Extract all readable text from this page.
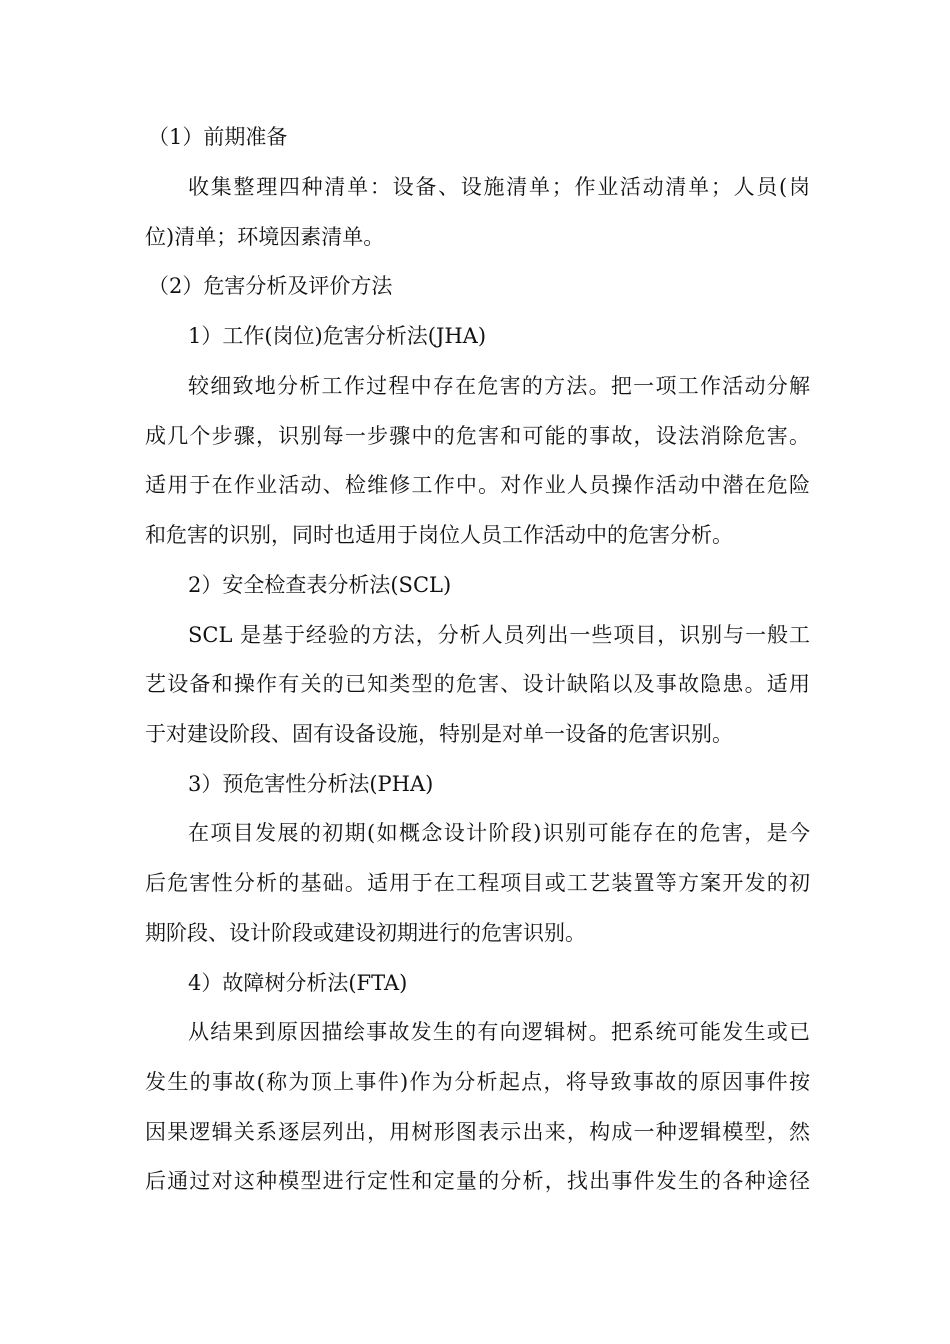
（1）前期准备
收集整理四种清单：设备、设施清单；作业活动清单；人员(岗
位)清单；环境因素清单。
（2）危害分析及评价方法
1）工作(岗位)危害分析法(JHA)
较细致地分析工作过程中存在危害的方法。把一项工作活动分解
成几个步骤，识别每一步骤中的危害和可能的事故，设法消除危害。
适用于在作业活动、检维修工作中。对作业人员操作活动中潜在危险
和危害的识别，同时也适用于岗位人员工作活动中的危害分析。
2）安全检查表分析法(SCL)
SCL 是基于经验的方法，分析人员列出一些项目，识别与一般工
艺设备和操作有关的已知类型的危害、设计缺陷以及事故隐患。适用
于对建设阶段、固有设备设施，特别是对单一设备的危害识别。
3）预危害性分析法(PHA)
在项目发展的初期(如概念设计阶段)识别可能存在的危害，是今
后危害性分析的基础。适用于在工程项目或工艺装置等方案开发的初
期阶段、设计阶段或建设初期进行的危害识别。
4）故障树分析法(FTA)
从结果到原因描绘事故发生的有向逻辑树。把系统可能发生或已
发生的事故(称为顶上事件)作为分析起点，将导致事故的原因事件按
因果逻辑关系逐层列出，用树形图表示出来，构成一种逻辑模型，然
后通过对这种模型进行定性和定量的分析，找出事件发生的各种途径
